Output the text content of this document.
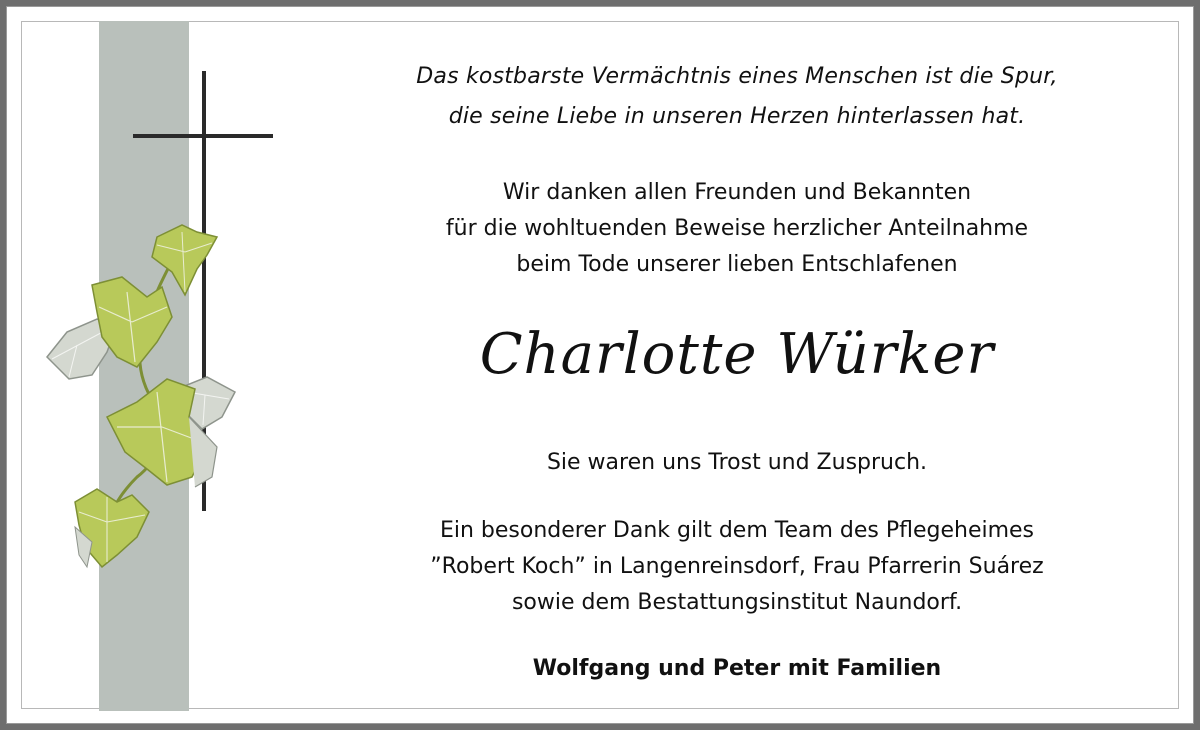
Das kostbarste Vermächtnis eines Menschen ist die Spur,
die seine Liebe in unseren Herzen hinterlassen hat.
Wir danken allen Freunden und Bekannten
für die wohltuenden Beweise herzlicher Anteilnahme
beim Tode unserer lieben Entschlafenen
Charlotte Würker
Sie waren uns Trost und Zuspruch.
Ein besonderer Dank gilt dem Team des Pflegeheimes
”Robert Koch” in Langenreinsdorf, Frau Pfarrerin Suárez
sowie dem Bestattungsinstitut Naundorf.
Wolfgang und Peter mit Familien
